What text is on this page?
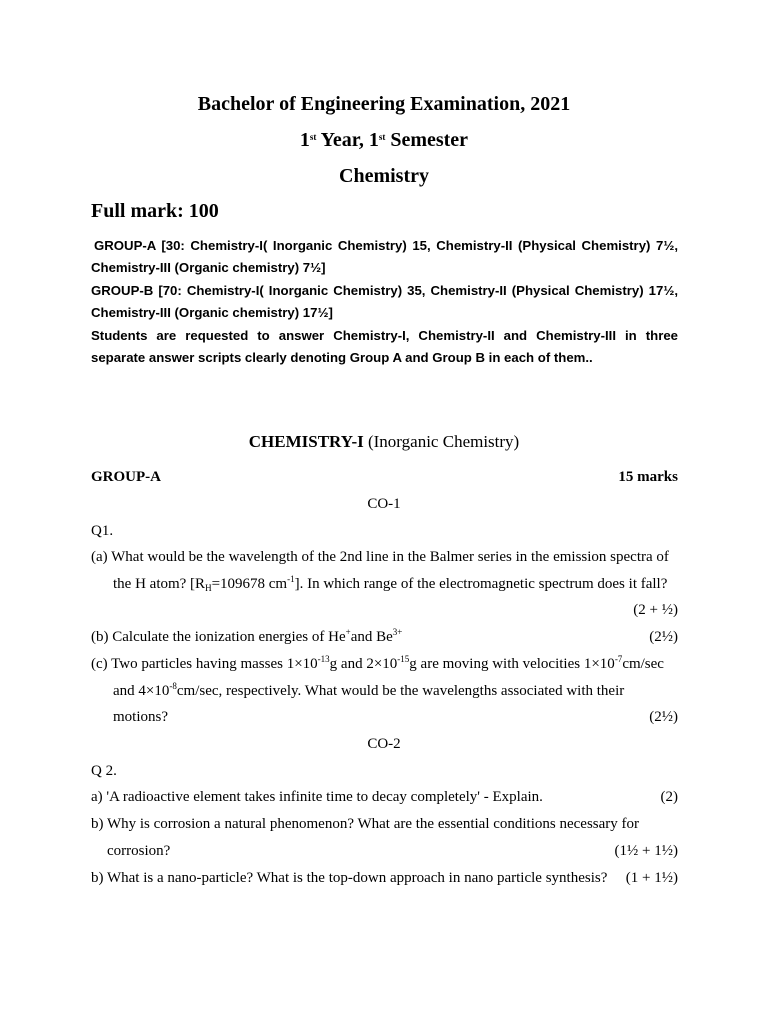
Bachelor of Engineering Examination, 2021
1st Year, 1st Semester
Chemistry
Full mark: 100
GROUP-A [30: Chemistry-I( Inorganic Chemistry) 15, Chemistry-II (Physical Chemistry) 7½,
Chemistry-III (Organic chemistry) 7½]
GROUP-B [70: Chemistry-I( Inorganic Chemistry) 35, Chemistry-II (Physical Chemistry) 17½,
Chemistry-III (Organic chemistry) 17½]
Students are requested to answer Chemistry-I, Chemistry-II and Chemistry-III in three
separate answer scripts clearly denoting Group A and Group B in each of them..
CHEMISTRY-I (Inorganic Chemistry)
GROUP-A	15 marks
CO-1
Q1.
(a) What would be the wavelength of the 2nd line in the Balmer series in the emission spectra of
the H atom? [$R_H=109678$ $cm^{-1}$]. In which range of the electromagnetic spectrum does it fall?
(2 + ½)
(b) Calculate the ionization energies of He+and $Be^{3+}$	(2½)
(c) Two particles having masses $1\times 10^{-13}g$ and $2\times 10^{-15}g$ are moving with velocities $1\times 10^{-7}cm/\sec$
and $4\times 10^{-8}cm/\sec$, respectively. What would be the wavelengths associated with their
motions?	(2½)
CO-2
Q 2.
a) 'A radioactive element takes infinite time to decay completely' - Explain.	(2)
b) Why is corrosion a natural phenomenon? What are the essential conditions necessary for
corrosion?	(1½ + 1½)
b) What is a nano-particle? What is the top-down approach in nano particle synthesis? (1 + 1½)
